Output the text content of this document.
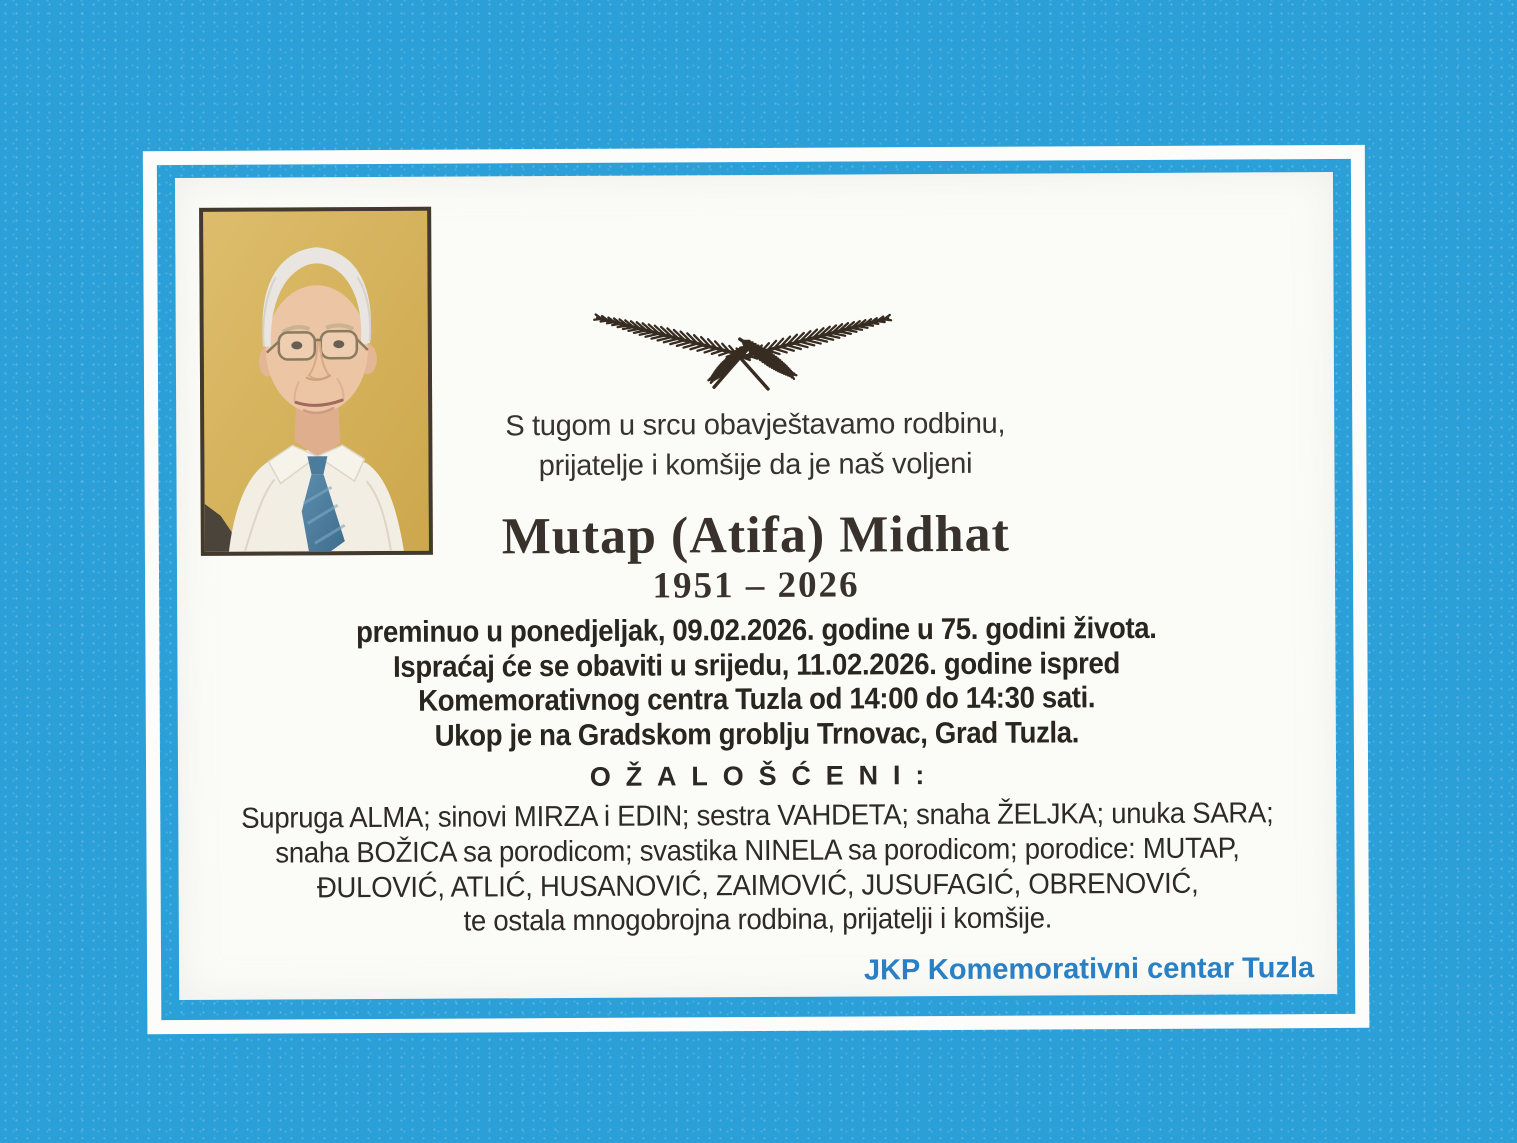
S tugom u srcu obavještavamo rodbinu,
prijatelje i komšije da je naš voljeni
Mutap (Atifa) Midhat
1951 – 2026
preminuo u ponedjeljak, 09.02.2026. godine u 75. godini života.
Ispraćaj će se obaviti u srijedu, 11.02.2026. godine ispred
Komemorativnog centra Tuzla od 14:00 do 14:30 sati.
Ukop je na Gradskom groblju Trnovac, Grad Tuzla.
OŽALOŠĆENI:
Supruga ALMA; sinovi MIRZA i EDIN; sestra VAHDETA; snaha ŽELJKA; unuka SARA;
snaha BOŽICA sa porodicom; svastika NINELA sa porodicom; porodice: MUTAP,
ĐULOVIĆ, ATLIĆ, HUSANOVIĆ, ZAIMOVIĆ, JUSUFAGIĆ, OBRENOVIĆ,
te ostala mnogobrojna rodbina, prijatelji i komšije.
JKP Komemorativni centar Tuzla
